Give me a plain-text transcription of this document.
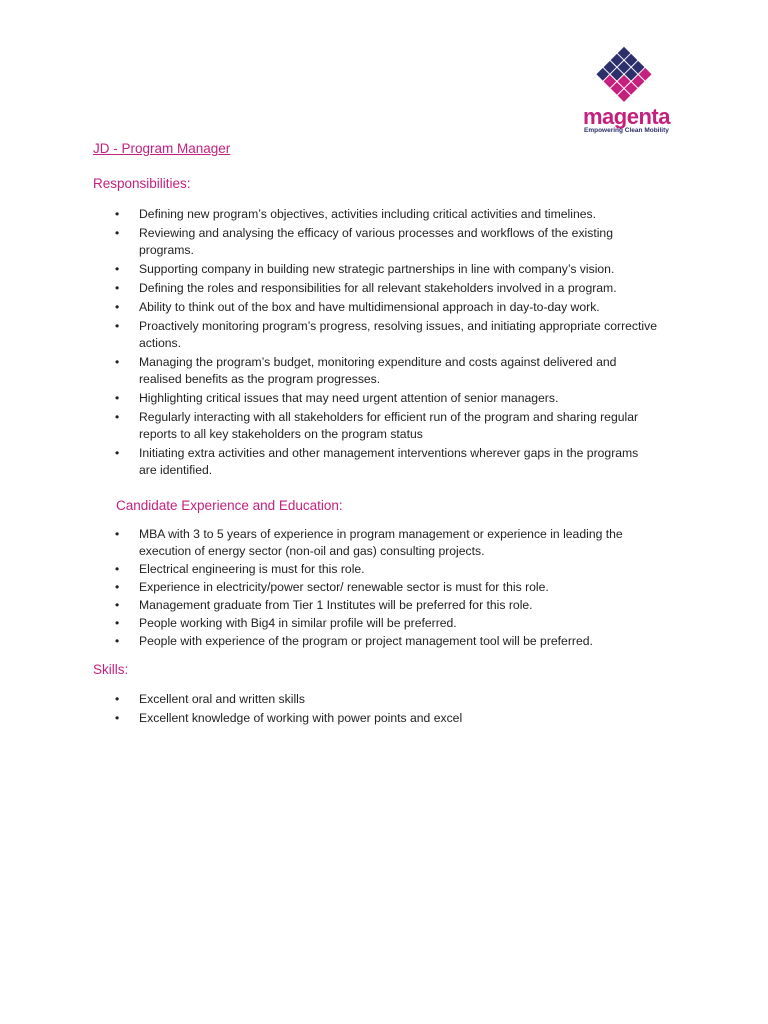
magenta
Empowering Clean Mobility
JD - Program Manager
Responsibilities:
• Defining new program’s objectives, activities including critical activities and timelines.
• Reviewing and analysing the efficacy of various processes and workflows of the existing programs.
• Supporting company in building new strategic partnerships in line with company’s vision.
• Defining the roles and responsibilities for all relevant stakeholders involved in a program.
• Ability to think out of the box and have multidimensional approach in day-to-day work.
• Proactively monitoring program’s progress, resolving issues, and initiating appropriate corrective actions.
• Managing the program’s budget, monitoring expenditure and costs against delivered and realised benefits as the program progresses.
• Highlighting critical issues that may need urgent attention of senior managers.
• Regularly interacting with all stakeholders for efficient run of the program and sharing regular reports to all key stakeholders on the program status
• Initiating extra activities and other management interventions wherever gaps in the programs are identified.
Candidate Experience and Education:
• MBA with 3 to 5 years of experience in program management or experience in leading the execution of energy sector (non-oil and gas) consulting projects.
• Electrical engineering is must for this role.
• Experience in electricity/power sector/ renewable sector is must for this role.
• Management graduate from Tier 1 Institutes will be preferred for this role.
• People working with Big4 in similar profile will be preferred.
• People with experience of the program or project management tool will be preferred.
Skills:
• Excellent oral and written skills
• Excellent knowledge of working with power points and excel
